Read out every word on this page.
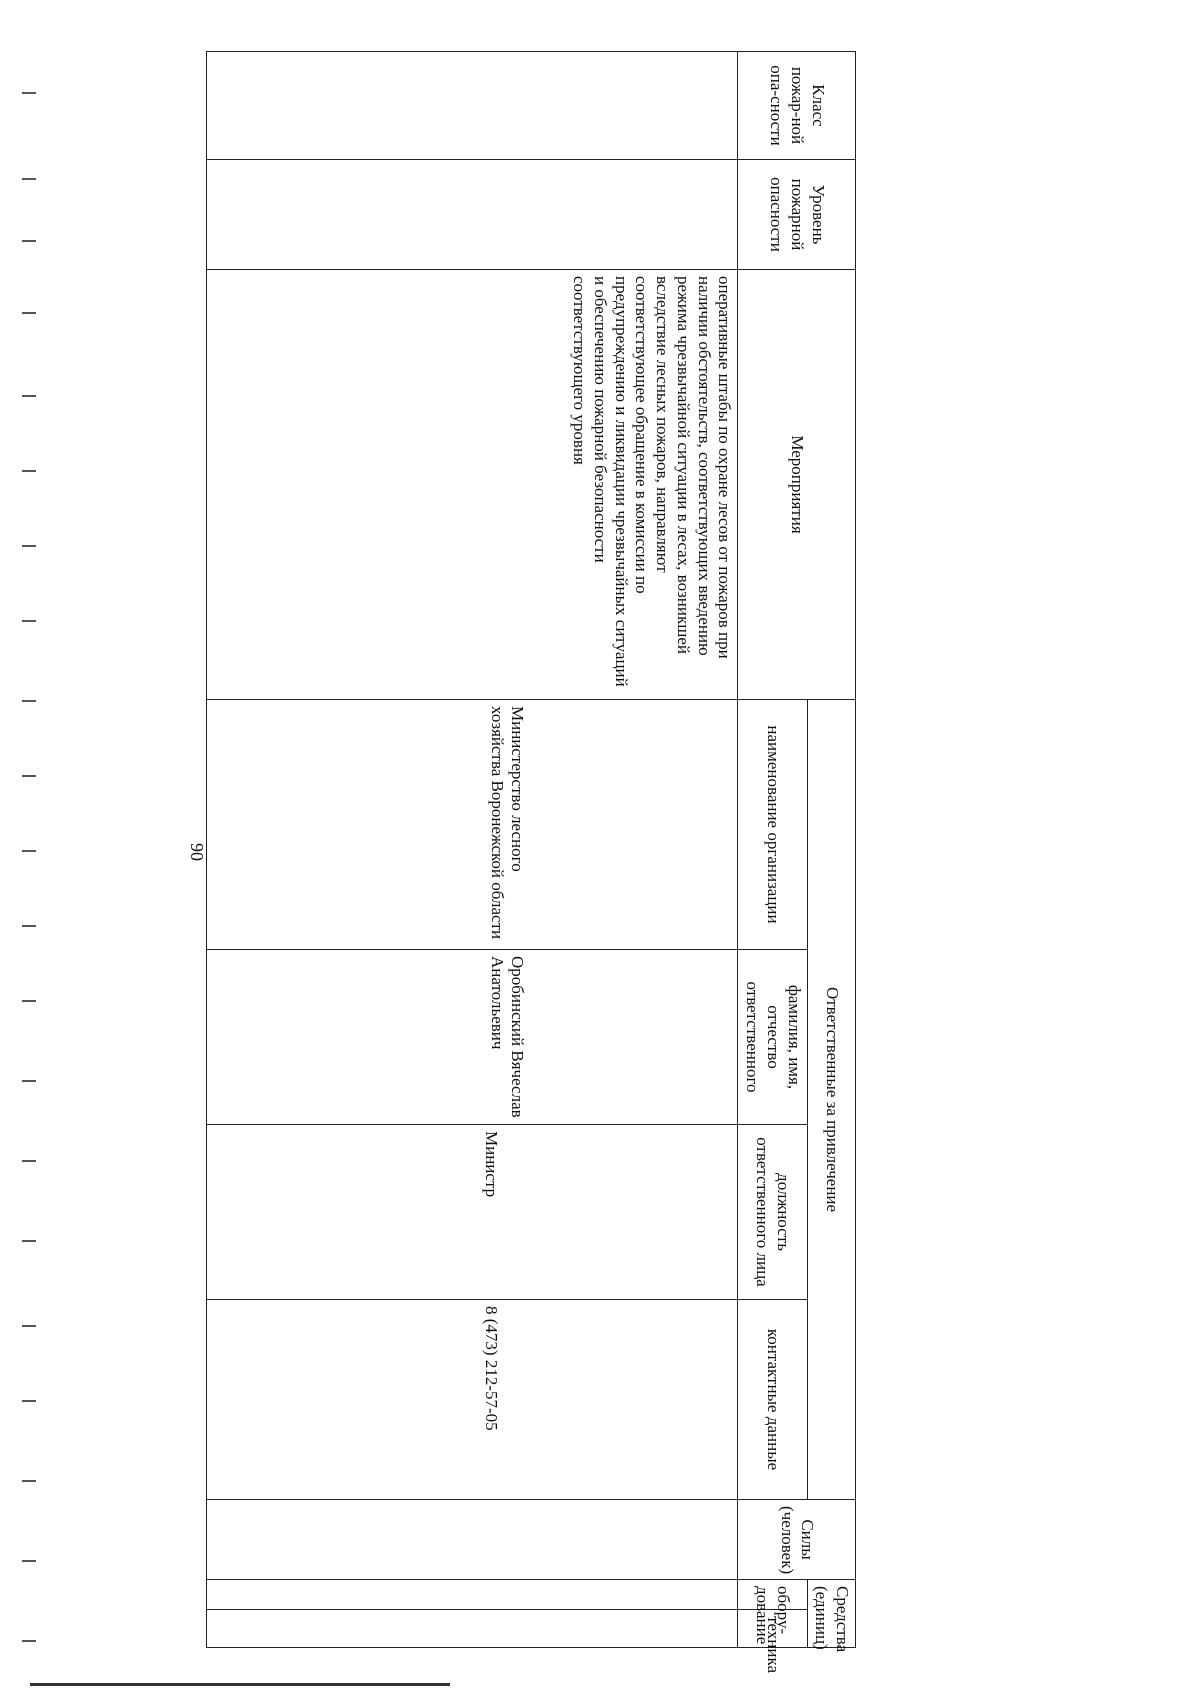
90
Класс пожар-ной опа-сности	Уровень пожарной опасности	Мероприятия	Ответственные за привлечение				Силы (человек)	Средства (единиц)	
			наименование организации	фамилия, имя, отчество ответственного	должность ответственного лица	контактные данные		обору-дование	техника
		оперативные штабы по охране лесов от пожаров при наличии обстоятельств, соответствующих введению режима чрезвычайной ситуации в лесах, возникшей вследствие лесных пожаров, направляют соответствующее обращение в комиссии по предупреждению и ликвидации чрезвычайных ситуаций и обеспечению пожарной безопасности соответствующего уровня	Министерство лесного хозяйства Воронежской области	Оробинский Вячеслав Анатольевич	Министр	8 (473) 212-57-05			
